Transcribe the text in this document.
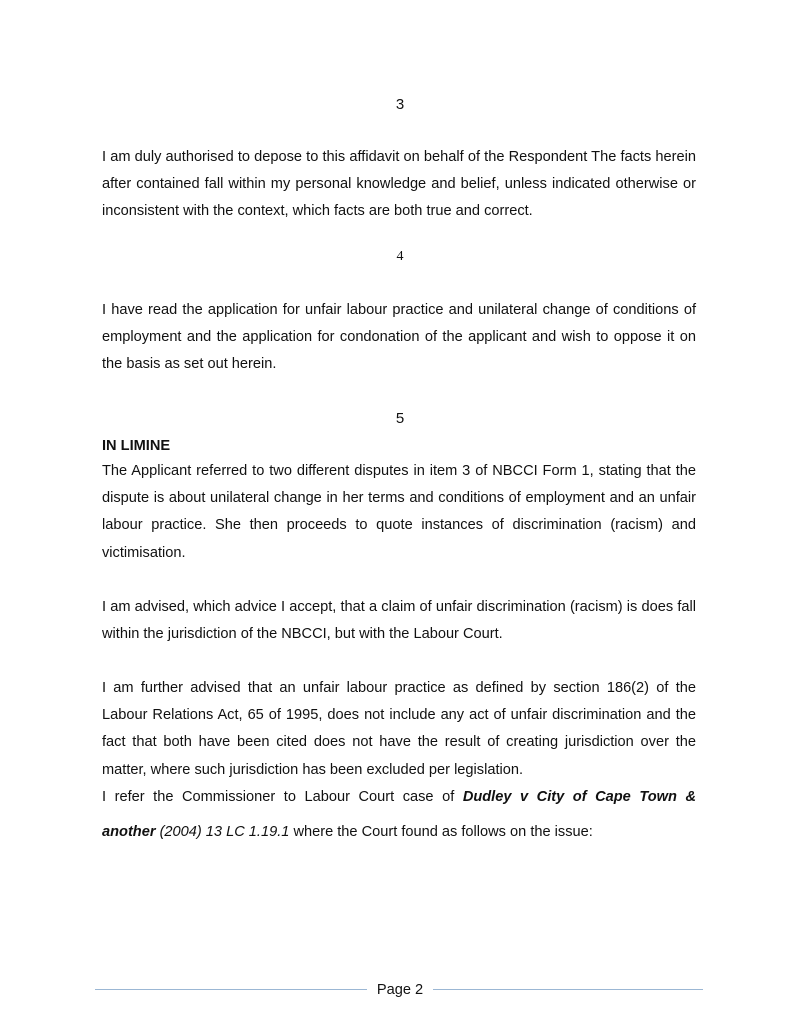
3

I am duly authorised to depose to this affidavit on behalf of the Respondent The facts herein after contained fall within my personal knowledge and belief, unless indicated otherwise or inconsistent with the context, which facts are both true and correct.

4

I have read the application for unfair labour practice and unilateral change of conditions of employment and the application for condonation of the applicant and wish to oppose it on the basis as set out herein.

5
IN LIMINE

The Applicant referred to two different disputes in item 3 of NBCCI Form 1, stating that the dispute is about unilateral change in her terms and conditions of employment and an unfair labour practice. She then proceeds to quote instances of discrimination (racism) and victimisation.

I am advised, which advice I accept, that a claim of unfair discrimination (racism) is does fall within the jurisdiction of the NBCCI, but with the Labour Court.

I am further advised that an unfair labour practice as defined by section 186(2) of the Labour Relations Act, 65 of 1995, does not include any act of unfair discrimination and the fact that both have been cited does not have the result of creating jurisdiction over the matter, where such jurisdiction has been excluded per legislation.

I refer the Commissioner to Labour Court case of Dudley v City of Cape Town &
another (2004) 13 LC 1.19.1 where the Court found as follows on the issue:
Page 2
